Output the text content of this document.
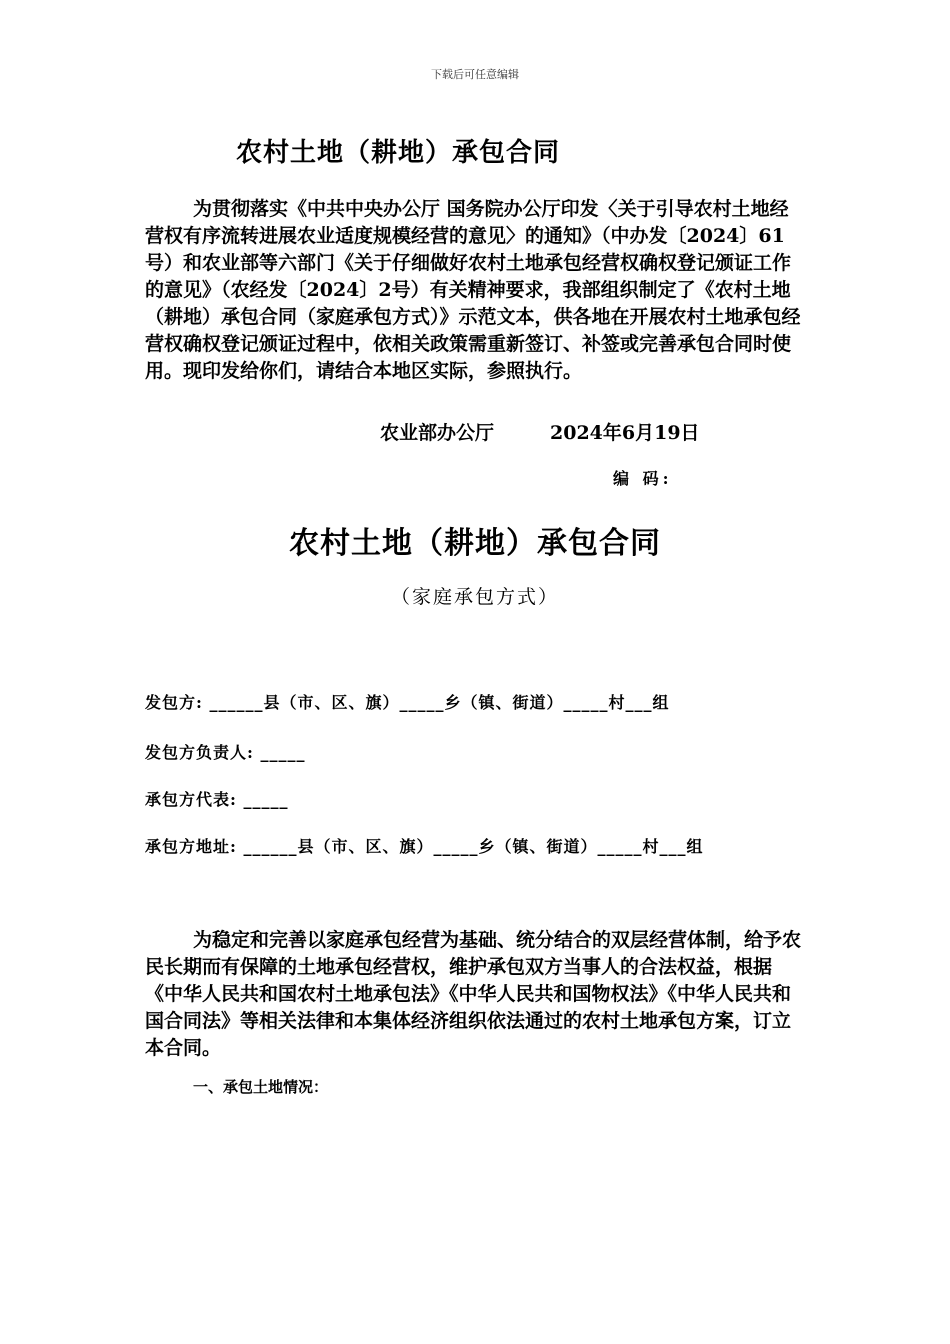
下载后可任意编辑
农村土地（耕地）承包合同
为贯彻落实《中共中央办公厅 国务院办公厅印发〈关于引导农村土地经营权有序流转进展农业适度规模经营的意见〉的通知》（中办发〔2024〕61号）和农业部等六部门《关于仔细做好农村土地承包经营权确权登记颁证工作的意见》（农经发〔2024〕2号）有关精神要求，我部组织制定了《农村土地（耕地）承包合同（家庭承包方式）》示范文本，供各地在开展农村土地承包经营权确权登记颁证过程中，依相关政策需重新签订、补签或完善承包合同时使用。现印发给你们，请结合本地区实际，参照执行。
农业部办公厅	2024年6月19日
编 码:
农村土地（耕地）承包合同
（家庭承包方式）
发包方: ______县（市、区、旗）_____乡（镇、街道）_____村___组
发包方负责人: _____
承包方代表: _____
承包方地址: ______县（市、区、旗）_____乡（镇、街道）_____村___组
为稳定和完善以家庭承包经营为基础、统分结合的双层经营体制，给予农民长期而有保障的土地承包经营权，维护承包双方当事人的合法权益，根据《中华人民共和国农村土地承包法》《中华人民共和国物权法》《中华人民共和国合同法》等相关法律和本集体经济组织依法通过的农村土地承包方案，订立本合同。
一、承包土地情况：
